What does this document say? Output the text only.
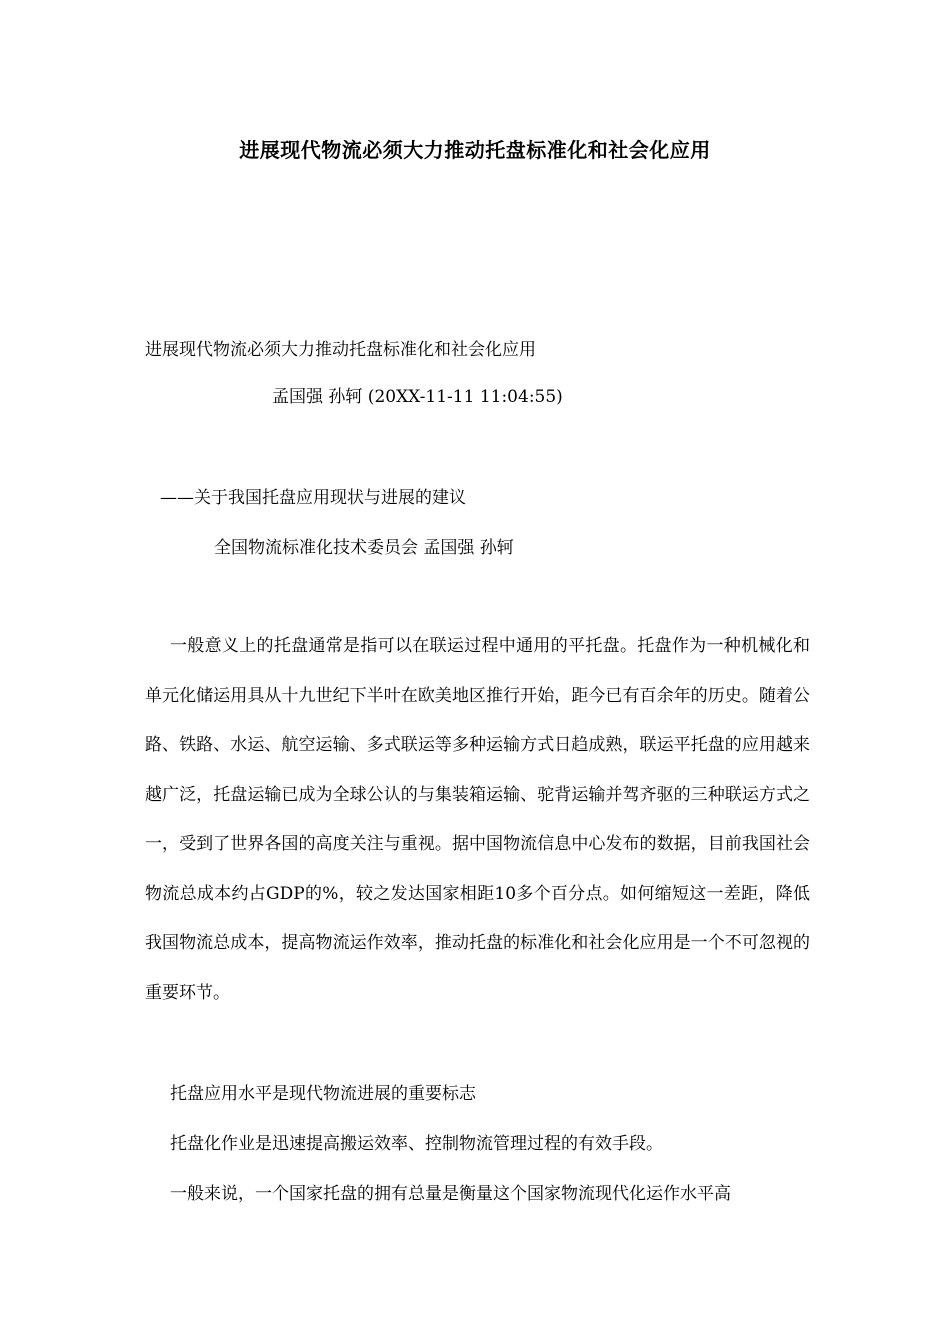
进展现代物流必须大力推动托盘标准化和社会化应用
进展现代物流必须大力推动托盘标准化和社会化应用
孟国强 孙轲 (20XX-11-11 11:04:55)
——关于我国托盘应用现状与进展的建议
全国物流标准化技术委员会 孟国强 孙轲
一般意义上的托盘通常是指可以在联运过程中通用的平托盘。托盘作为一种机械化和单元化储运用具从十九世纪下半叶在欧美地区推行开始，距今已有百余年的历史。随着公路、铁路、水运、航空运输、多式联运等多种运输方式日趋成熟，联运平托盘的应用越来越广泛，托盘运输已成为全球公认的与集装箱运输、驼背运输并驾齐驱的三种联运方式之一，受到了世界各国的高度关注与重视。据中国物流信息中心发布的数据，目前我国社会物流总成本约占GDP的%，较之发达国家相距10多个百分点。如何缩短这一差距，降低我国物流总成本，提高物流运作效率，推动托盘的标准化和社会化应用是一个不可忽视的重要环节。
托盘应用水平是现代物流进展的重要标志
托盘化作业是迅速提高搬运效率、控制物流管理过程的有效手段。
一般来说，一个国家托盘的拥有总量是衡量这个国家物流现代化运作水平高
